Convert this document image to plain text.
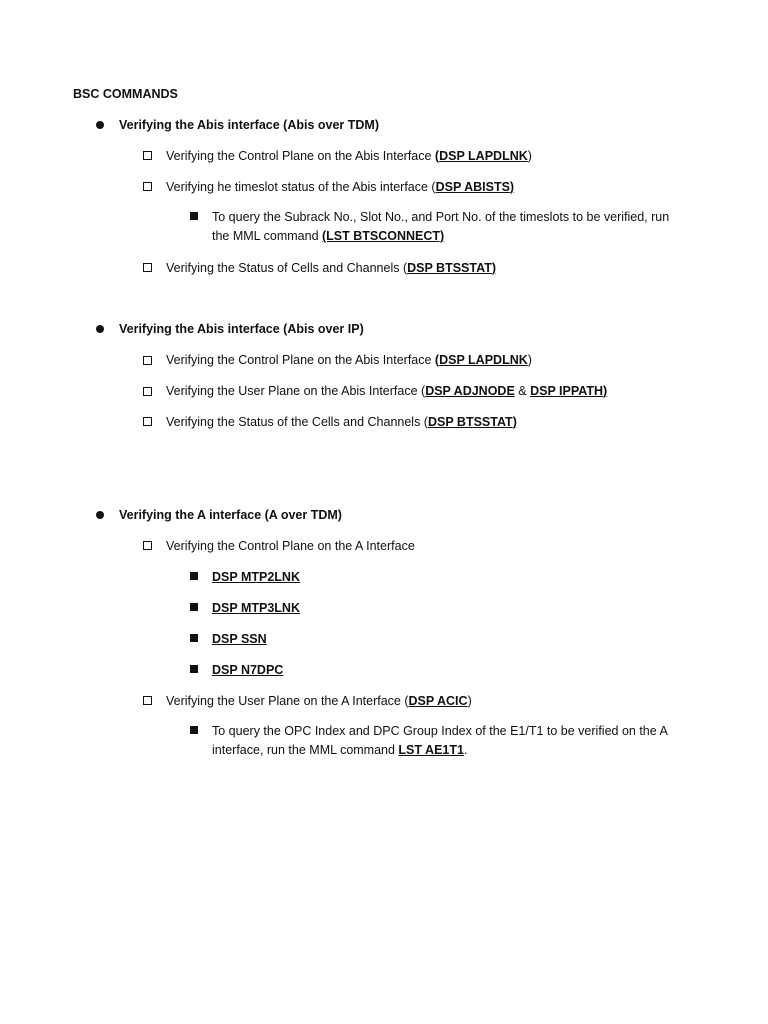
BSC COMMANDS
Verifying the Abis interface (Abis over TDM)
Verifying the Control Plane on the Abis Interface (DSP LAPDLNK)
Verifying he timeslot status of the Abis interface (DSP ABISTS)
To query the Subrack No., Slot No., and Port No. of the timeslots to be verified, run
the MML command (LST BTSCONNECT)
Verifying the Status of Cells and Channels (DSP BTSSTAT)
Verifying the Abis interface (Abis over IP)
Verifying the Control Plane on the Abis Interface (DSP LAPDLNK)
Verifying the User Plane on the Abis Interface (DSP ADJNODE & DSP IPPATH)
Verifying the Status of the Cells and Channels (DSP BTSSTAT)
Verifying the A interface (A over TDM)
Verifying the Control Plane on the A Interface
DSP MTP2LNK
DSP MTP3LNK
DSP SSN
DSP N7DPC
Verifying the User Plane on the A Interface (DSP ACIC)
To query the OPC Index and DPC Group Index of the E1/T1 to be verified on the A
interface, run the MML command LST AE1T1.
